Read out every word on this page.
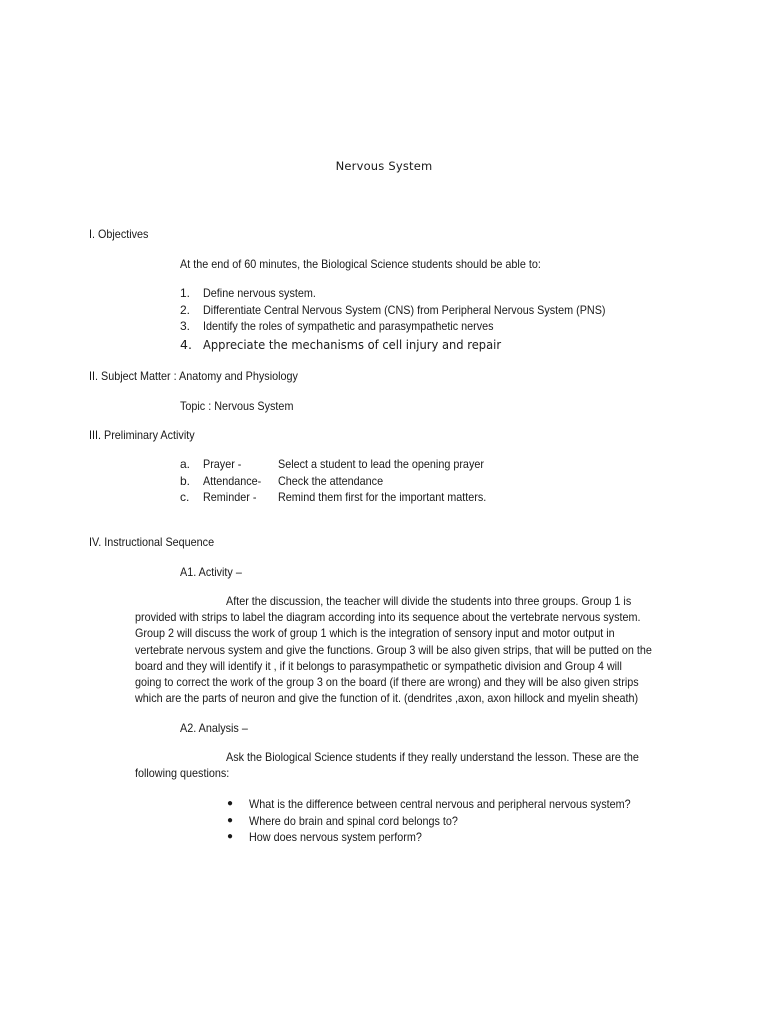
Nervous System
I. Objectives
At the end of 60 minutes, the Biological Science students should be able to:
1.	Define nervous system.
2.	Differentiate Central Nervous System (CNS) from Peripheral Nervous System (PNS)
3.	Identify the roles of sympathetic and parasympathetic nerves
4. Appreciate the mechanisms of cell injury and repair
II. Subject Matter : Anatomy and Physiology
Topic : Nervous System
III. Preliminary Activity
a.	Prayer -	Select a student to lead the opening prayer
b.	Attendance- Check the attendance
c.	Reminder - Remind them first for the important matters.
IV. Instructional Sequence
A1. Activity –
After the discussion, the teacher will divide the students into three groups. Group 1 is
provided with strips to label the diagram according into its sequence about the vertebrate nervous system.
Group 2 will discuss the work of group 1 which is the integration of sensory input and motor output in
vertebrate nervous system and give the functions. Group 3 will be also given strips, that will be putted on the
board and they will identify it , if it belongs to parasympathetic or sympathetic division and Group 4 will
going to correct the work of the group 3 on the board (if there are wrong) and they will be also given strips
which are the parts of neuron and give the function of it. (dendrites ,axon, axon hillock and myelin sheath)
A2. Analysis –
Ask the Biological Science students if they really understand the lesson. These are the
following questions:
●	What is the difference between central nervous and peripheral nervous system?
●	Where do brain and spinal cord belongs to?
●	How does nervous system perform?
